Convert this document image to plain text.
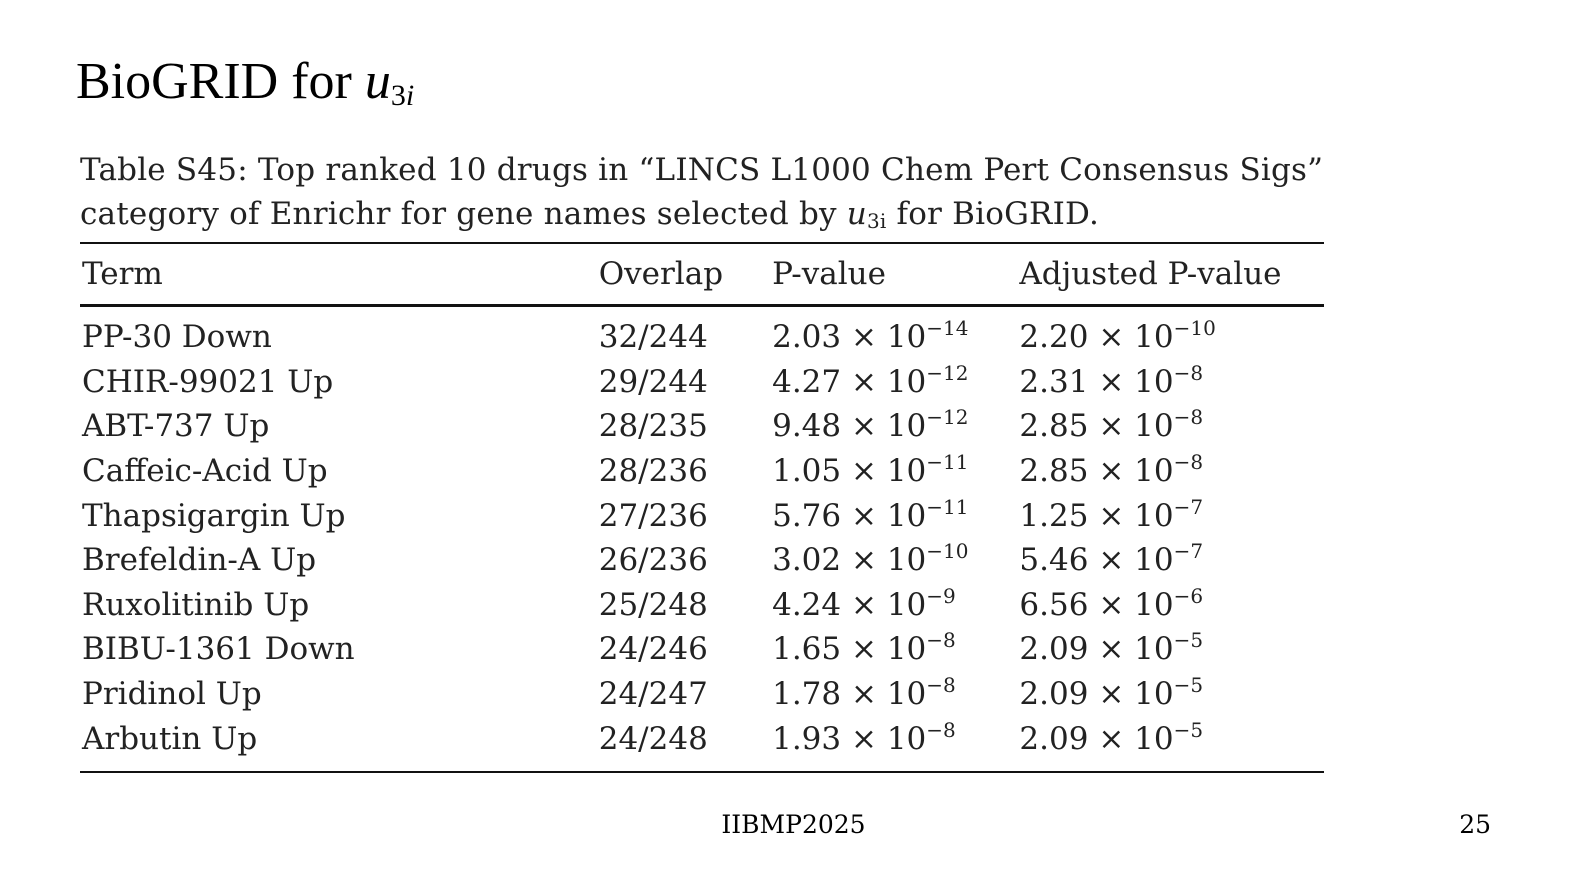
BioGRID for $u_{3i}$
Table S45: Top ranked 10 drugs in “LINCS L1000 Chem Pert Consensus Sigs”
category of Enrichr for gene names selected by $u_{3i}$ for BioGRID.
Term	Overlap	P-value	Adjusted P-value
PP-30 Down	32/244	$2.03 \times 10^{-14}$	$2.20 \times 10^{-10}$
CHIR-99021 Up	29/244	$4.27 \times 10^{-12}$	$2.31 \times 10^{-8}$
ABT-737 Up	28/235	$9.48 \times 10^{-12}$	$2.85 \times 10^{-8}$
Caffeic-Acid Up	28/236	$1.05 \times 10^{-11}$	$2.85 \times 10^{-8}$
Thapsigargin Up	27/236	$5.76 \times 10^{-11}$	$1.25 \times 10^{-7}$
Brefeldin-A Up	26/236	$3.02 \times 10^{-10}$	$5.46 \times 10^{-7}$
Ruxolitinib Up	25/248	$4.24 \times 10^{-9}$	$6.56 \times 10^{-6}$
BIBU-1361 Down	24/246	$1.65 \times 10^{-8}$	$2.09 \times 10^{-5}$
Pridinol Up	24/247	$1.78 \times 10^{-8}$	$2.09 \times 10^{-5}$
Arbutin Up	24/248	$1.93 \times 10^{-8}$	$2.09 \times 10^{-5}$
IIBMP2025	25
